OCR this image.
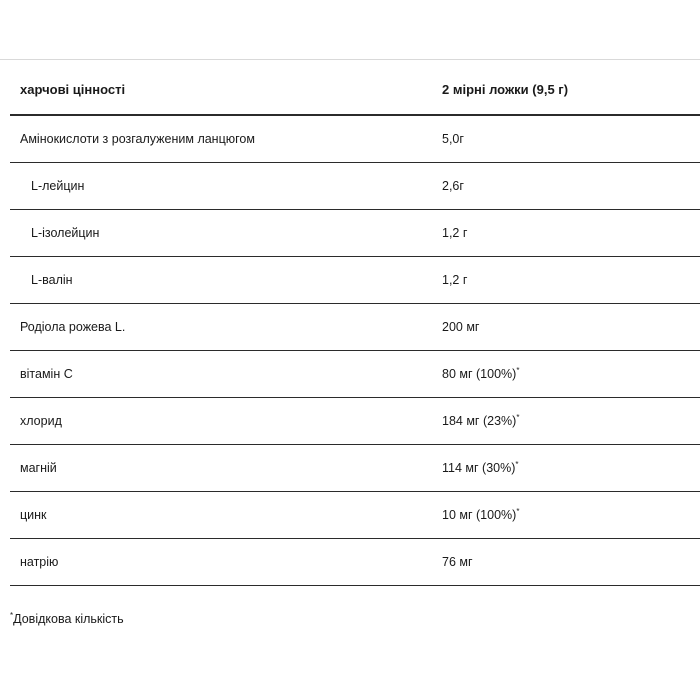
харчові цінності	2 мірні ложки (9,5 г)
Амінокислоти з розгалуженим ланцюгом	5,0г
L-лейцин	2,6г
L-ізолейцин	1,2 г
L-валін	1,2 г
Родіола рожева L.	200 мг
вітамін С	80 мг (100%)*
хлорид	184 мг (23%)*
магній	114 мг (30%)*
цинк	10 мг (100%)*
натрію	76 мг
*Довідкова кількість
